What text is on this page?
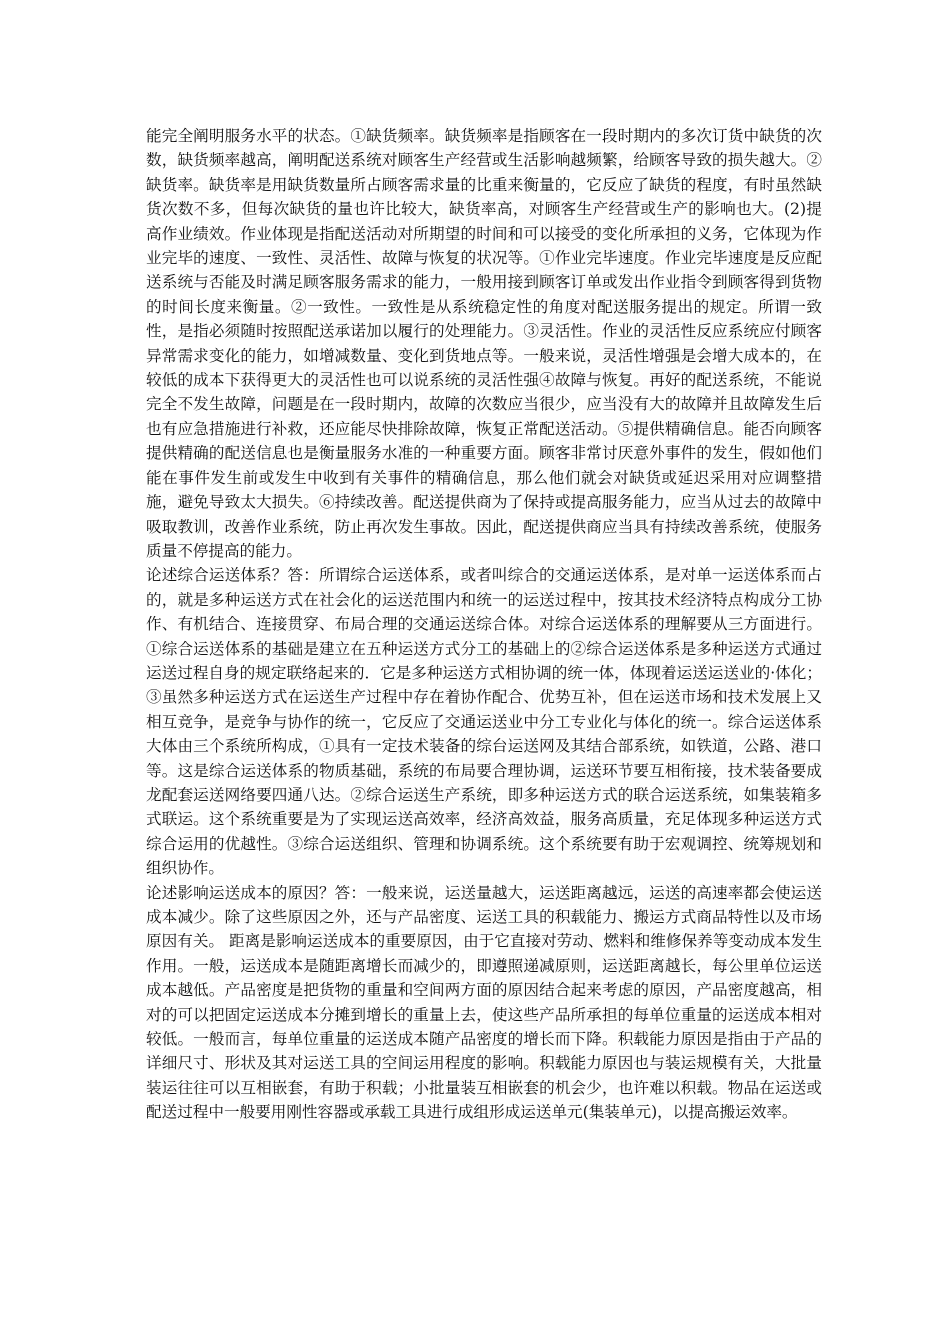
能完全阐明服务水平的状态。①缺货频率。缺货频率是指顾客在一段时期内的多次订货中缺货的次数，缺货频率越高，阐明配送系统对顾客生产经营或生活影响越频繁，给顾客导致的损失越大。②缺货率。缺货率是用缺货数量所占顾客需求量的比重来衡量的，它反应了缺货的程度，有时虽然缺货次数不多，但每次缺货的量也许比较大，缺货率高，对顾客生产经营或生产的影响也大。(2)提高作业绩效。作业体现是指配送活动对所期望的时间和可以接受的变化所承担的义务，它体现为作业完毕的速度、一致性、灵活性、故障与恢复的状况等。①作业完毕速度。作业完毕速度是反应配送系统与否能及时满足顾客服务需求的能力，一般用接到顾客订单或发出作业指令到顾客得到货物的时间长度来衡量。②一致性。一致性是从系统稳定性的角度对配送服务提出的规定。所谓一致性，是指必须随时按照配送承诺加以履行的处理能力。③灵活性。作业的灵活性反应系统应付顾客异常需求变化的能力，如增减数量、变化到货地点等。一般来说，灵活性增强是会增大成本的，在较低的成本下获得更大的灵活性也可以说系统的灵活性强④故障与恢复。再好的配送系统，不能说完全不发生故障，问题是在一段时期内，故障的次数应当很少，应当没有大的故障并且故障发生后也有应急措施进行补救，还应能尽快排除故障，恢复正常配送活动。⑤提供精确信息。能否向顾客提供精确的配送信息也是衡量服务水准的一种重要方面。顾客非常讨厌意外事件的发生，假如他们能在事件发生前或发生中收到有关事件的精确信息，那么他们就会对缺货或延迟采用对应调整措施，避免导致太大损失。⑥持续改善。配送提供商为了保持或提高服务能力，应当从过去的故障中吸取教训，改善作业系统，防止再次发生事故。因此，配送提供商应当具有持续改善系统，使服务质量不停提高的能力。

论述综合运送体系？答：所谓综合运送体系，或者叫综合的交通运送体系，是对单一运送体系而占的，就是多种运送方式在社会化的运送范围内和统一的运送过程中，按其技术经济特点构成分工协作、有机结合、连接贯穿、布局合理的交通运送综合体。对综合运送体系的理解要从三方面进行。①综合运送体系的基础是建立在五种运送方式分工的基础上的②综合运送体系是多种运送方式通过运送过程自身的规定联络起来的．它是多种运送方式相协调的统一体，体现着运送运送业的·体化；③虽然多种运送方式在运送生产过程中存在着协作配合、优势互补，但在运送市场和技术发展上又相互竞争，是竞争与协作的统一，它反应了交通运送业中分工专业化与体化的统一。综合运送体系大体由三个系统所构成，①具有一定技术装备的综台运送网及其结合部系统，如铁道，公路、港口等。这是综合运送体系的物质基础，系统的布局要合理协调，运送环节要互相衔接，技术装备要成龙配套运送网络要四通八达。②综合运送生产系统，即多种运送方式的联合运送系统，如集装箱多式联运。这个系统重要是为了实现运送高效率，经济高效益，服务高质量，充足体现多种运送方式综合运用的优越性。③综合运送组织、管理和协调系统。这个系统要有助于宏观调控、统筹规划和组织协作。

论述影响运送成本的原因？答：一般来说，运送量越大，运送距离越远，运送的高速率都会使运送成本减少。除了这些原因之外，还与产品密度、运送工具的积载能力、搬运方式商品特性以及市场原因有关。 距离是影响运送成本的重要原因，由于它直接对劳动、燃料和维修保养等变动成本发生作用。一般，运送成本是随距离增长而减少的，即遵照递减原则，运送距离越长，每公里单位运送成本越低。产品密度是把货物的重量和空间两方面的原因结合起来考虑的原因，产品密度越高，相对的可以把固定运送成本分摊到增长的重量上去，使这些产品所承担的每单位重量的运送成本相对较低。一般而言，每单位重量的运送成本随产品密度的增长而下降。积载能力原因是指由于产品的详细尺寸、形状及其对运送工具的空间运用程度的影响。积载能力原因也与装运规模有关，大批量装运往往可以互相嵌套，有助于积载；小批量装互相嵌套的机会少，也许难以积载。物品在运送或配送过程中一般要用刚性容器或承载工具进行成组形成运送单元(集装单元)，以提高搬运效率。
